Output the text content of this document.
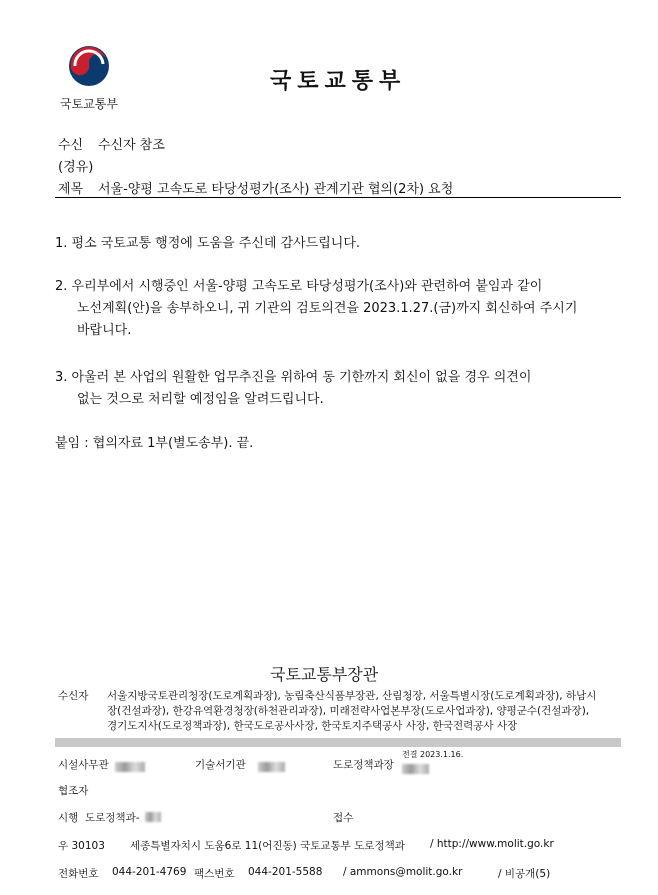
국토교통부
국토교통부
수신 수신자 참조
(경유)
제목 서울-양평 고속도로 타당성평가(조사) 관계기관 협의(2차) 요청
1. 평소 국토교통 행정에 도움을 주신데 감사드립니다.
2. 우리부에서 시행중인 서울-양평 고속도로 타당성평가(조사)와 관련하여 붙임과 같이
노선계획(안)을 송부하오니, 귀 기관의 검토의견을 2023.1.27.(금)까지 회신하여 주시기
바랍니다.
3. 아울러 본 사업의 원활한 업무추진을 위하여 동 기한까지 회신이 없을 경우 의견이
없는 것으로 처리할 예정임을 알려드립니다.
붙임 : 협의자료 1부(별도송부). 끝.
국토교통부장관
수신자 서울지방국토관리청장(도로계획과장), 농림축산식품부장관, 산림청장, 서울특별시장(도로계획과장), 하남시
장(건설과장), 한강유역환경청장(하천관리과장), 미래전략사업본부장(도로사업과장), 양평군수(건설과장),
경기도지사(도로정책과장), 한국도로공사사장, 한국토지주택공사 사장, 한국전력공사 사장
시설사무관	기술서기관	도로정책과장
전결 2023.1.16.
협조자
시행 도로정책과-	접수
우 30103 세종특별자치시 도움6로 11(어진동) 국토교통부 도로정책과 / http://www.molit.go.kr
전화번호 044-201-4769 팩스번호 044-201-5588 / ammons@molit.go.kr	/ 비공개(5)
